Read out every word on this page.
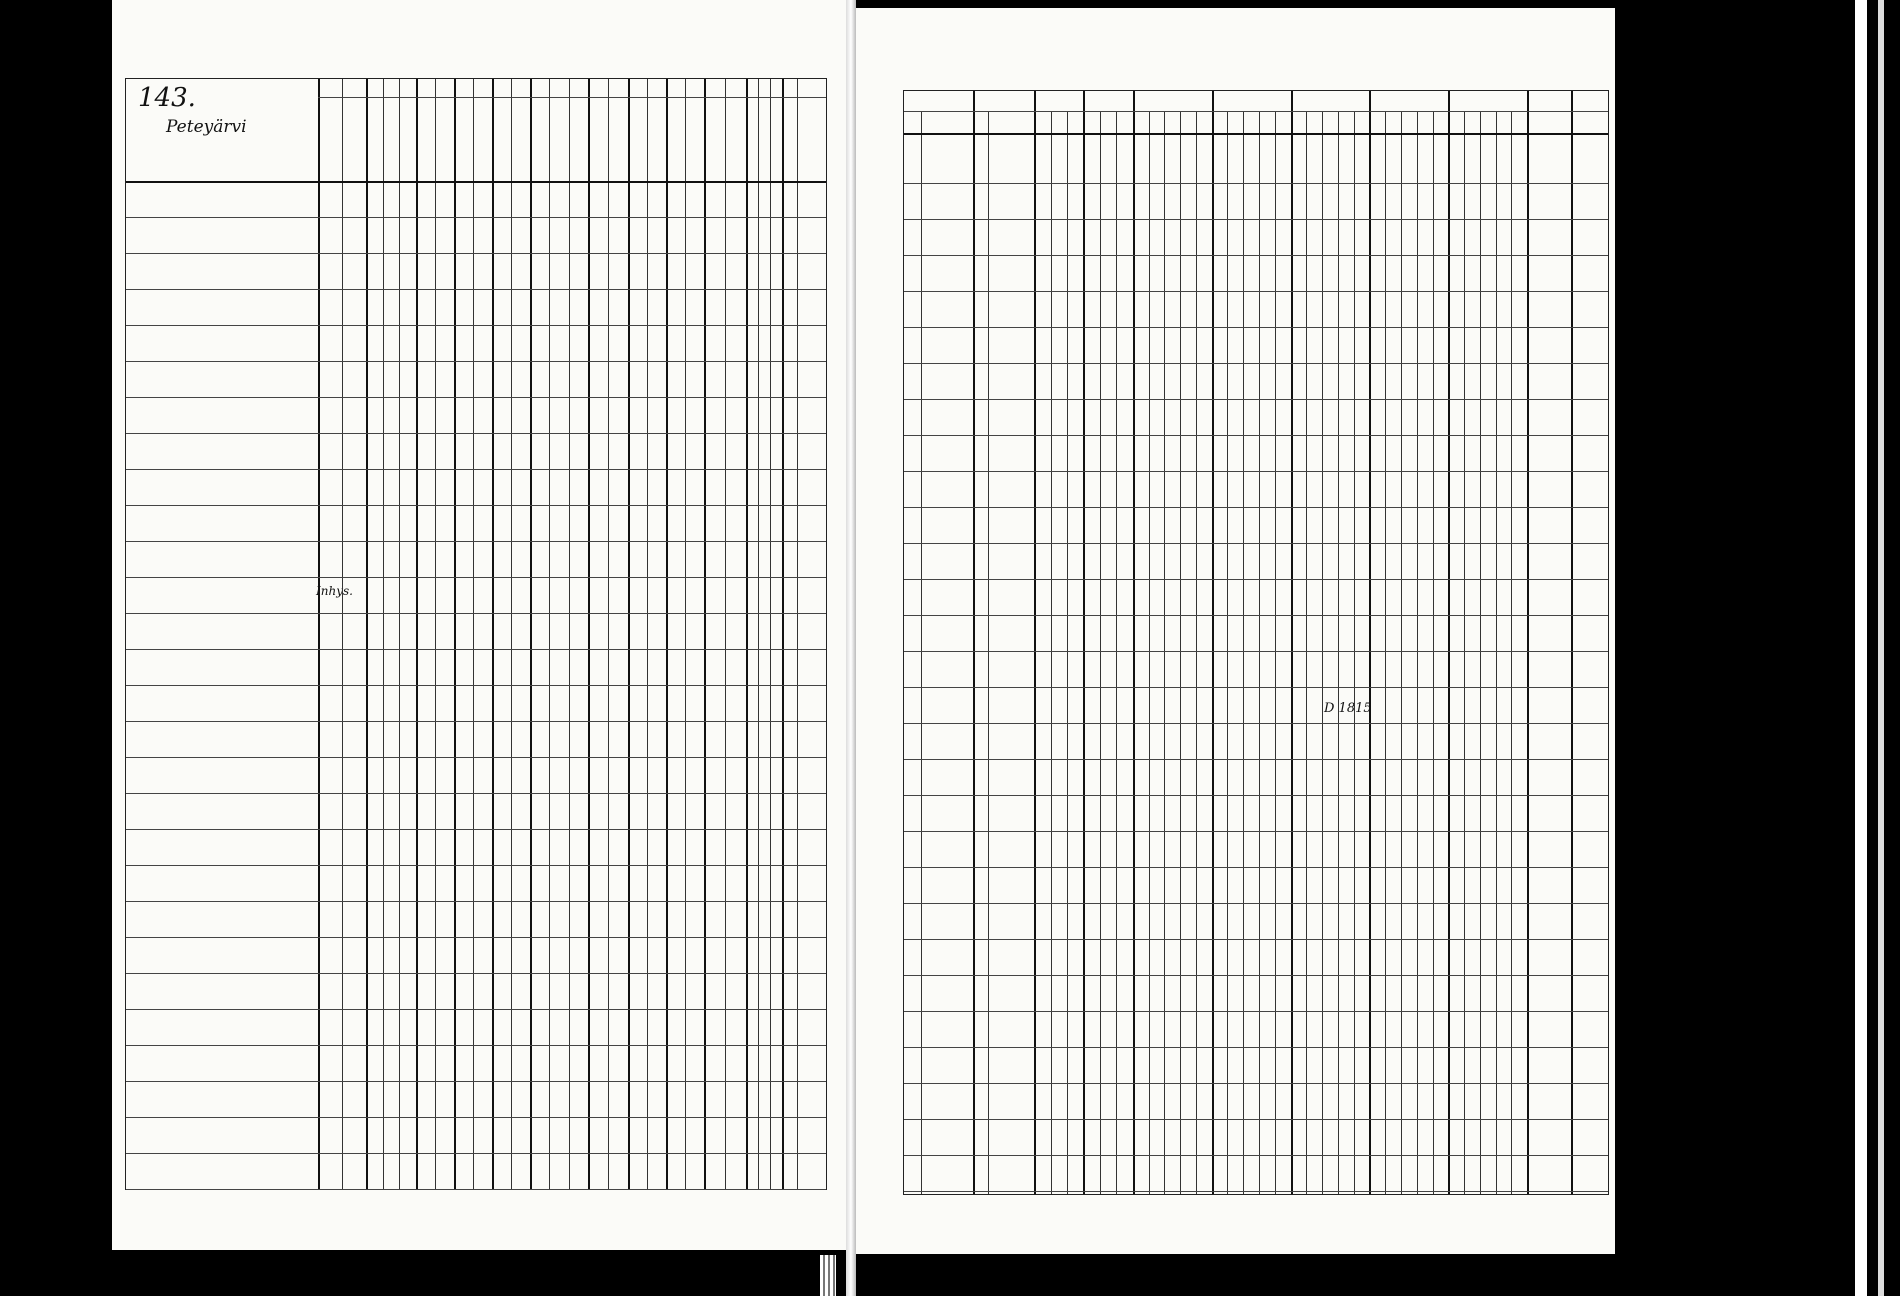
143.
Peteyärvi
Inhys.
D 1815
